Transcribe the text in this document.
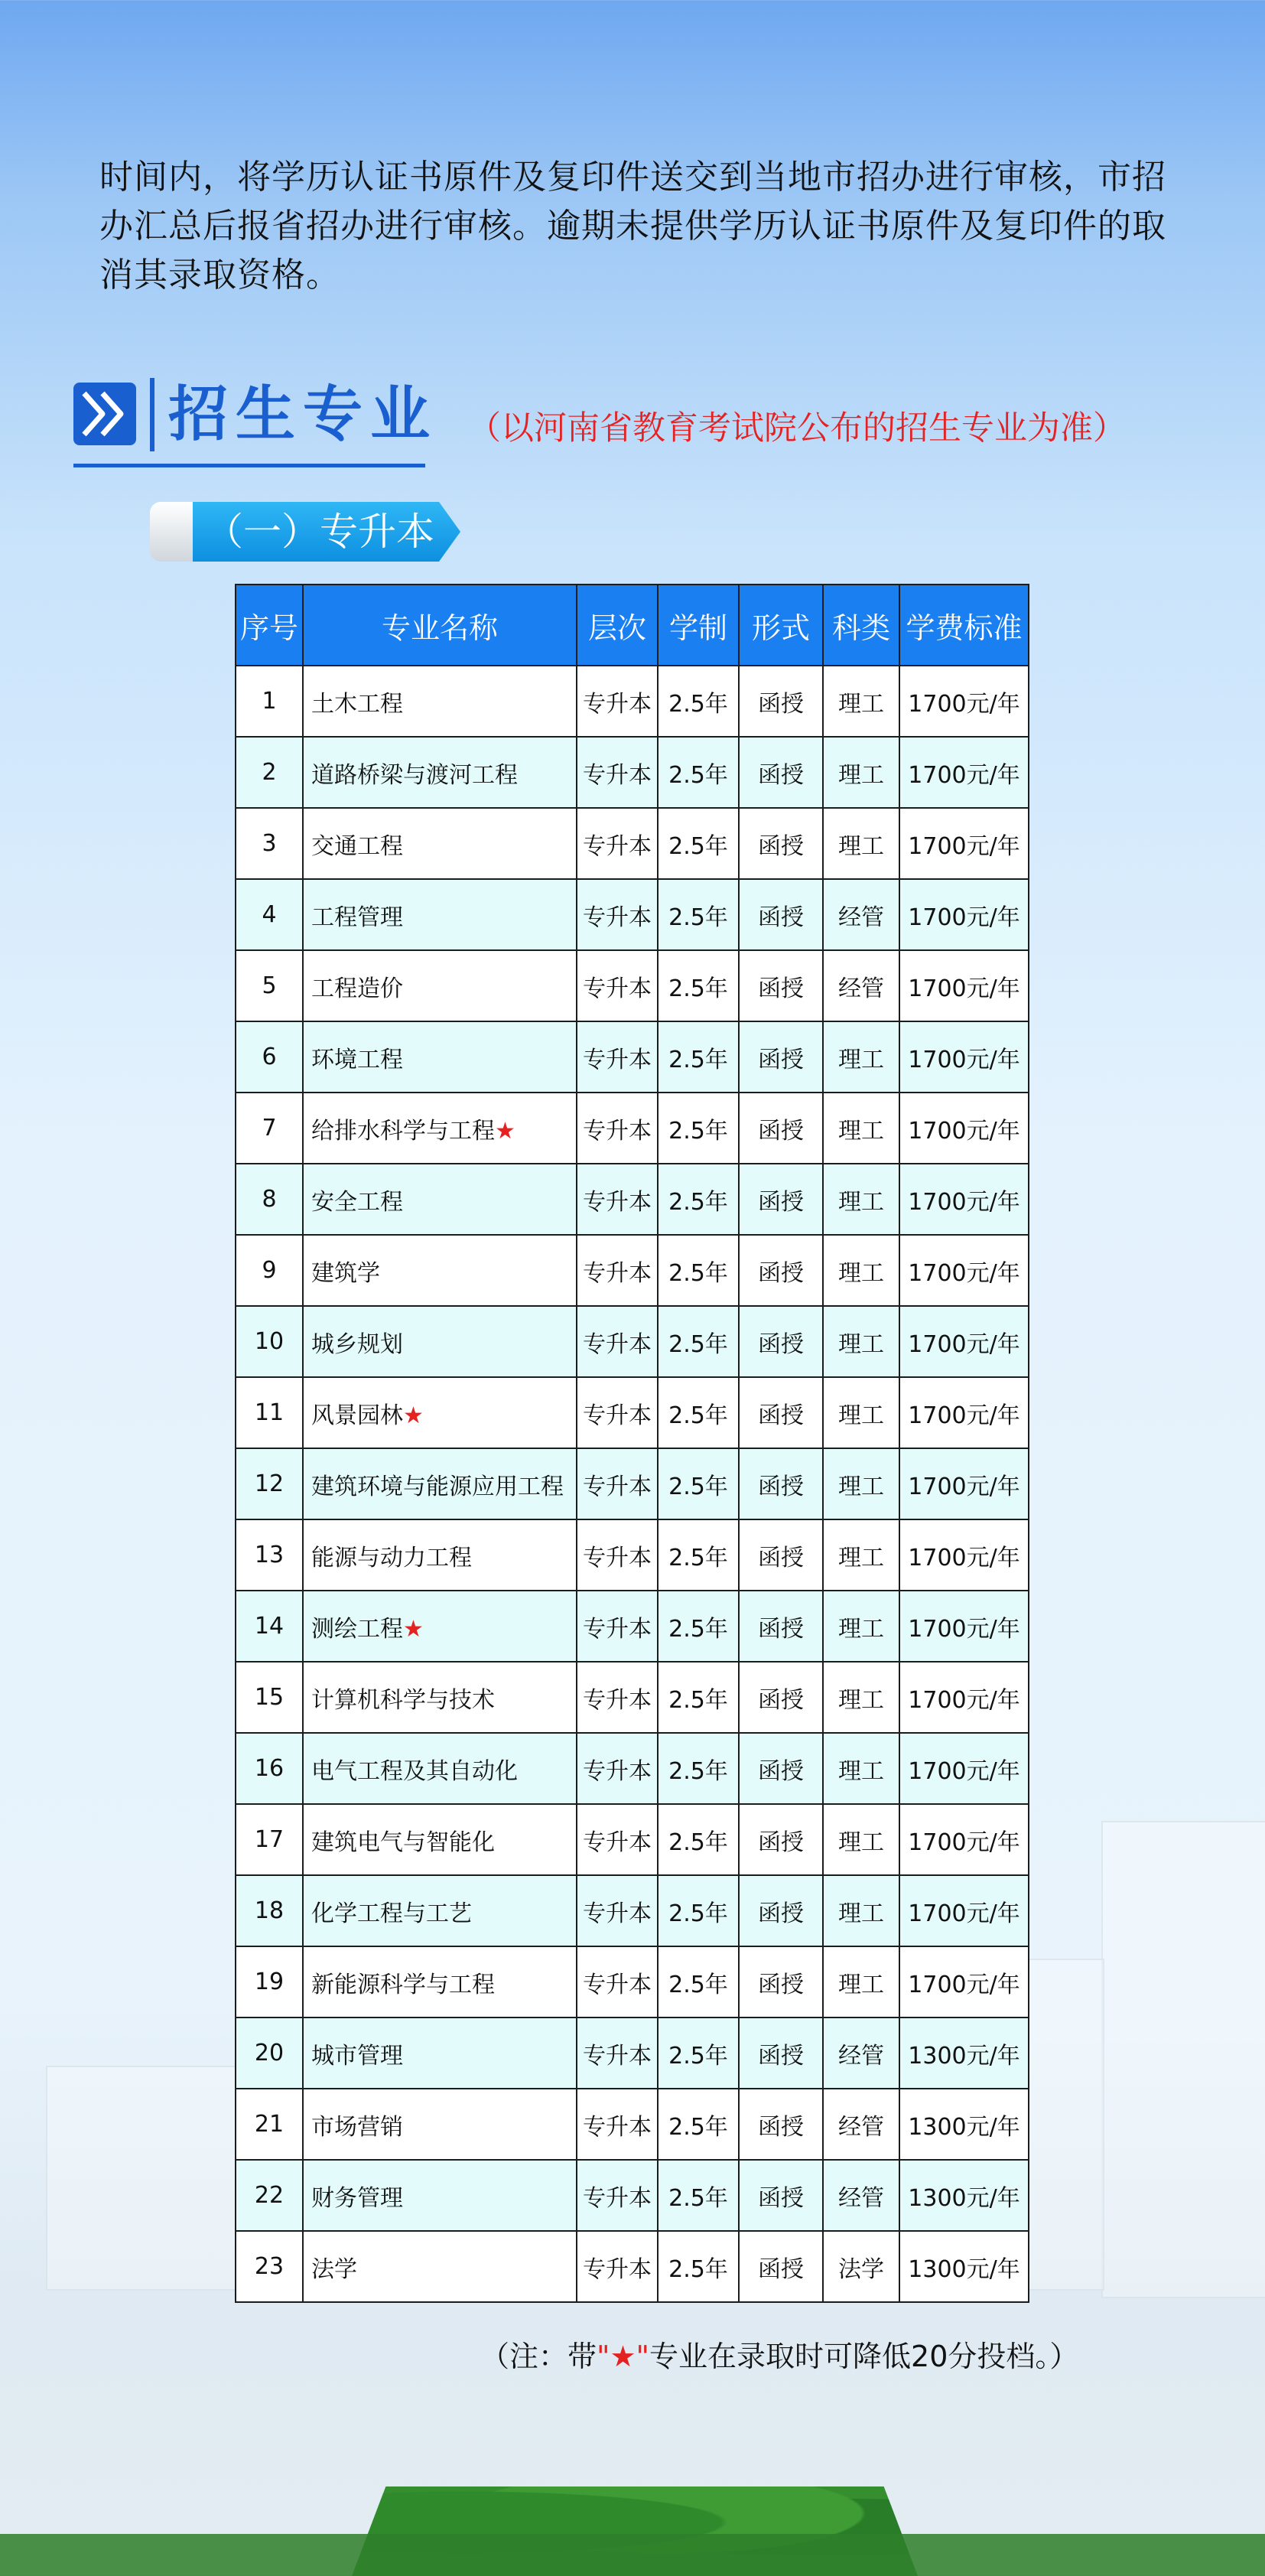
时间内，将学历认证书原件及复印件送交到当地市招办进行审核，市招办汇总后报省招办进行审核。逾期未提供学历认证书原件及复印件的取消其录取资格。

招生专业 （以河南省教育考试院公布的招生专业为准）
（一）专升本
序号	专业名称	层次	学制	形式	科类	学费标准
1	土木工程	专升本	2.5年	函授	理工	1700元/年
2	道路桥梁与渡河工程	专升本	2.5年	函授	理工	1700元/年
3	交通工程	专升本	2.5年	函授	理工	1700元/年
4	工程管理	专升本	2.5年	函授	经管	1700元/年
5	工程造价	专升本	2.5年	函授	经管	1700元/年
6	环境工程	专升本	2.5年	函授	理工	1700元/年
7	给排水科学与工程★	专升本	2.5年	函授	理工	1700元/年
8	安全工程	专升本	2.5年	函授	理工	1700元/年
9	建筑学	专升本	2.5年	函授	理工	1700元/年
10	城乡规划	专升本	2.5年	函授	理工	1700元/年
11	风景园林★	专升本	2.5年	函授	理工	1700元/年
12	建筑环境与能源应用工程	专升本	2.5年	函授	理工	1700元/年
13	能源与动力工程	专升本	2.5年	函授	理工	1700元/年
14	测绘工程★	专升本	2.5年	函授	理工	1700元/年
15	计算机科学与技术	专升本	2.5年	函授	理工	1700元/年
16	电气工程及其自动化	专升本	2.5年	函授	理工	1700元/年
17	建筑电气与智能化	专升本	2.5年	函授	理工	1700元/年
18	化学工程与工艺	专升本	2.5年	函授	理工	1700元/年
19	新能源科学与工程	专升本	2.5年	函授	理工	1700元/年
20	城市管理	专升本	2.5年	函授	经管	1300元/年
21	市场营销	专升本	2.5年	函授	经管	1300元/年
22	财务管理	专升本	2.5年	函授	经管	1300元/年
23	法学	专升本	2.5年	函授	法学	1300元/年
（注：带"★"专业在录取时可降低20分投档。）
